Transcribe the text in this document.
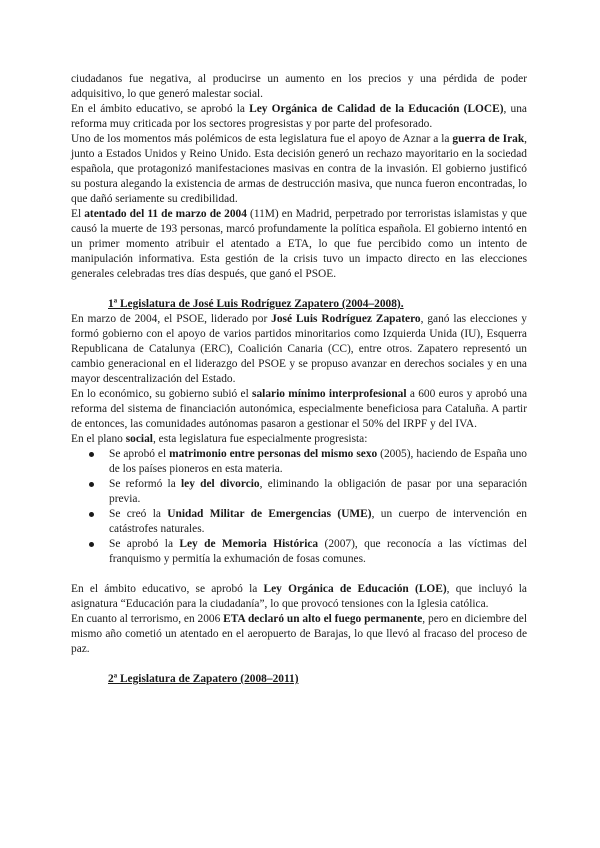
ciudadanos fue negativa, al producirse un aumento en los precios y una pérdida de poder adquisitivo, lo que generó malestar social.

En el ámbito educativo, se aprobó la Ley Orgánica de Calidad de la Educación (LOCE), una reforma muy criticada por los sectores progresistas y por parte del profesorado.

Uno de los momentos más polémicos de esta legislatura fue el apoyo de Aznar a la guerra de Irak, junto a Estados Unidos y Reino Unido. Esta decisión generó un rechazo mayoritario en la sociedad española, que protagonizó manifestaciones masivas en contra de la invasión. El gobierno justificó su postura alegando la existencia de armas de destrucción masiva, que nunca fueron encontradas, lo que dañó seriamente su credibilidad.

El atentado del 11 de marzo de 2004 (11M) en Madrid, perpetrado por terroristas islamistas y que causó la muerte de 193 personas, marcó profundamente la política española. El gobierno intentó en un primer momento atribuir el atentado a ETA, lo que fue percibido como un intento de manipulación informativa. Esta gestión de la crisis tuvo un impacto directo en las elecciones generales celebradas tres días después, que ganó el PSOE.

1ª Legislatura de José Luis Rodríguez Zapatero (2004–2008).

En marzo de 2004, el PSOE, liderado por José Luis Rodríguez Zapatero, ganó las elecciones y formó gobierno con el apoyo de varios partidos minoritarios como Izquierda Unida (IU), Esquerra Republicana de Catalunya (ERC), Coalición Canaria (CC), entre otros. Zapatero representó un cambio generacional en el liderazgo del PSOE y se propuso avanzar en derechos sociales y en una mayor descentralización del Estado.

En lo económico, su gobierno subió el salario mínimo interprofesional a 600 euros y aprobó una reforma del sistema de financiación autonómica, especialmente beneficiosa para Cataluña. A partir de entonces, las comunidades autónomas pasaron a gestionar el 50% del IRPF y del IVA.

En el plano social, esta legislatura fue especialmente progresista:

Se aprobó el matrimonio entre personas del mismo sexo (2005), haciendo de España uno de los países pioneros en esta materia.
Se reformó la ley del divorcio, eliminando la obligación de pasar por una separación previa.
Se creó la Unidad Militar de Emergencias (UME), un cuerpo de intervención en catástrofes naturales.
Se aprobó la Ley de Memoria Histórica (2007), que reconocía a las víctimas del franquismo y permitía la exhumación de fosas comunes.

En el ámbito educativo, se aprobó la Ley Orgánica de Educación (LOE), que incluyó la asignatura “Educación para la ciudadanía”, lo que provocó tensiones con la Iglesia católica.

En cuanto al terrorismo, en 2006 ETA declaró un alto el fuego permanente, pero en diciembre del mismo año cometió un atentado en el aeropuerto de Barajas, lo que llevó al fracaso del proceso de paz.

2ª Legislatura de Zapatero (2008–2011)
